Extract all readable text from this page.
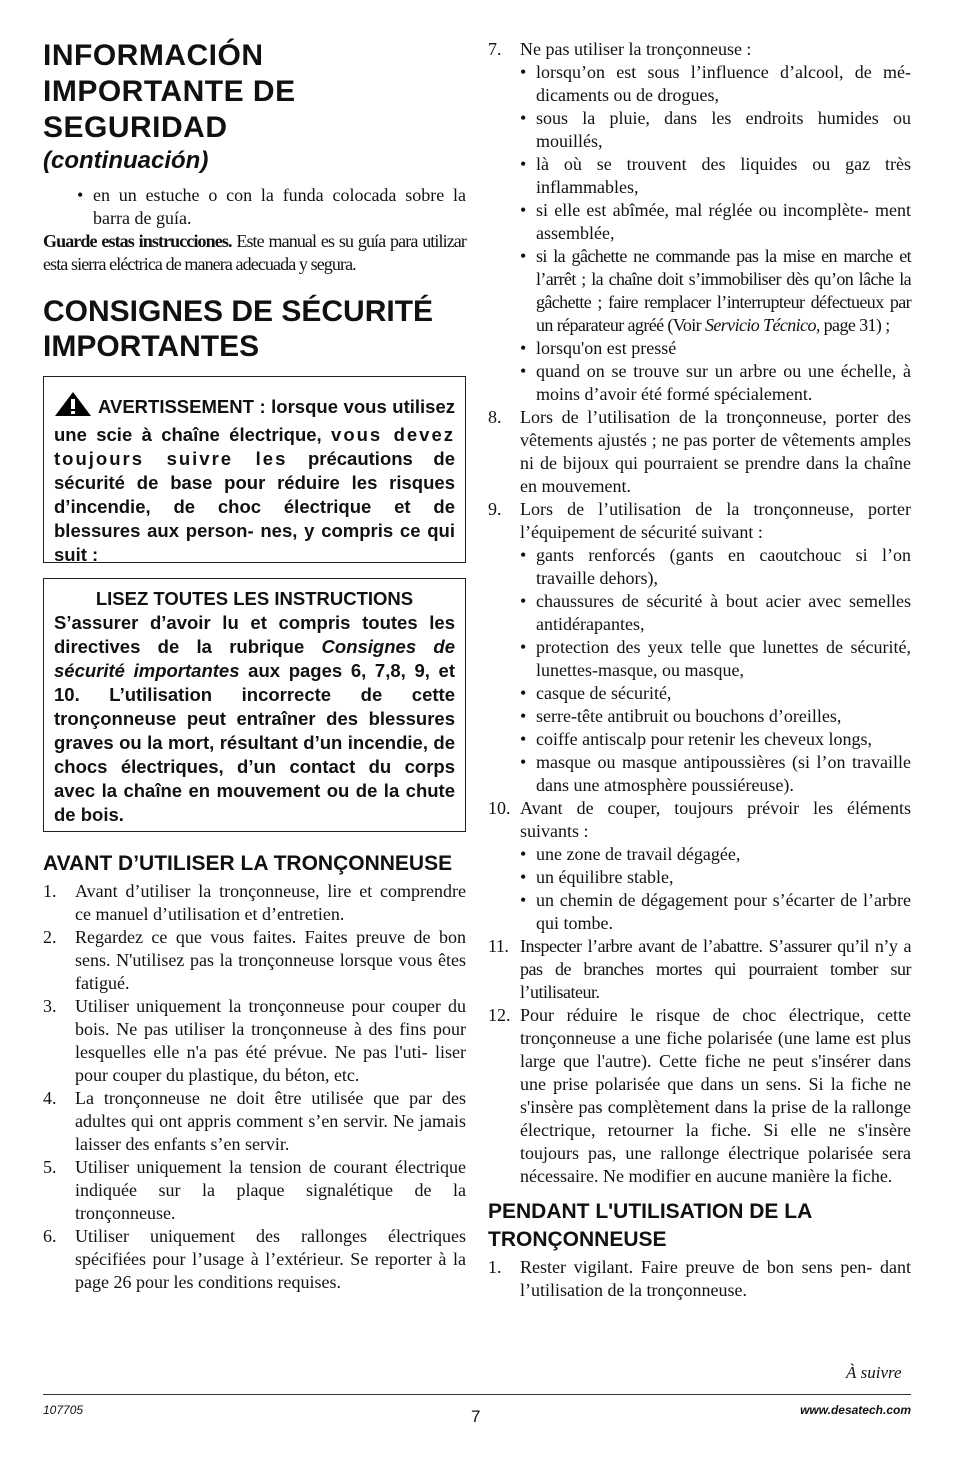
INFORMACIÓN
IMPORTANTE DE
SEGURIDAD
(continuación)
• en un estuche o con la funda colocada sobre la barra de guía.

Guarde estas instrucciones. Este manual es su guía para utilizar esta sierra eléctrica de manera adecuada y segura.

CONSIGNES DE SÉCURITÉ
IMPORTANTES
AVERTISSEMENT : lorsque vous utilisez une scie à chaîne électrique, vous devez toujours suivre les précautions de sécurité de base pour réduire les risques d’incendie, de choc électrique et de blessures aux person- nes, y compris ce qui suit :
LISEZ TOUTES LES INSTRUCTIONS
S’assurer d’avoir lu et compris toutes les directives de la rubrique Consignes de sécurité importantes aux pages 6, 7,8, 9, et 10. L’utilisation incorrecte de cette tronçonneuse peut entraîner des blessures graves ou la mort, résultant d’un incendie, de chocs électriques, d’un contact du corps avec la chaîne en mouvement ou de la chute de bois.
AVANT D’UTILISER LA TRONÇONNEUSE
1. Avant d’utiliser la tronçonneuse, lire et comprendre ce manuel d’utilisation et d’entretien.
2. Regardez ce que vous faites. Faites preuve de bon sens. N'utilisez pas la tronçonneuse lorsque vous êtes fatigué.
3. Utiliser uniquement la tronçonneuse pour couper du bois. Ne pas utiliser la tronçonneuse à des fins pour lesquelles elle n'a pas été prévue. Ne pas l'uti- liser pour couper du plastique, du béton, etc.
4. La tronçonneuse ne doit être utilisée que par des adultes qui ont appris comment s’en servir. Ne jamais laisser des enfants s’en servir.
5. Utiliser uniquement la tension de courant électrique indiquée sur la plaque signalétique de la tronçonneuse.
6. Utiliser uniquement des rallonges électriques spécifiées pour l’usage à l’extérieur. Se reporter à la page 26 pour les conditions requises.
7. Ne pas utiliser la tronçonneuse :
• lorsqu’on est sous l’influence d’alcool, de mé- dicaments ou de drogues,
• sous la pluie, dans les endroits humides ou mouillés,
• là où se trouvent des liquides ou gaz très inflammables,
• si elle est abîmée, mal réglée ou incomplète- ment assemblée,
• si la gâchette ne commande pas la mise en marche et l’arrêt ; la chaîne doit s’immobiliser dès qu’on lâche la gâchette ; faire remplacer l’interrupteur défectueux par un réparateur agréé (Voir Servicio Técnico, page 31) ;
• lorsqu'on est pressé
• quand on se trouve sur un arbre ou une échelle, à moins d’avoir été formé spécialement.
8. Lors de l’utilisation de la tronçonneuse, porter des vêtements ajustés ; ne pas porter de vêtements amples ni de bijoux qui pourraient se prendre dans la chaîne en mouvement.
9. Lors de l’utilisation de la tronçonneuse, porter l’équipement de sécurité suivant :
• gants renforcés (gants en caoutchouc si l’on travaille dehors),
• chaussures de sécurité à bout acier avec semelles antidérapantes,
• protection des yeux telle que lunettes de sécurité, lunettes-masque, ou masque,
• casque de sécurité,
• serre-tête antibruit ou bouchons d’oreilles,
• coiffe antiscalp pour retenir les cheveux longs,
• masque ou masque antipoussières (si l’on travaille dans une atmosphère poussiéreuse).
10. Avant de couper, toujours prévoir les éléments suivants :
• une zone de travail dégagée,
• un équilibre stable,
• un chemin de dégagement pour s’écarter de l’arbre qui tombe.
11. Inspecter l’arbre avant de l’abattre. S’assurer qu’il n’y a pas de branches mortes qui pourraient tomber sur l’utilisateur.
12. Pour réduire le risque de choc électrique, cette tronçonneuse a une fiche polarisée (une lame est plus large que l'autre). Cette fiche ne peut s'insérer dans une prise polarisée que dans un sens. Si la fiche ne s'insère pas complètement dans la prise de la rallonge électrique, retourner la fiche. Si elle ne s'insère toujours pas, une rallonge électrique polarisée sera nécessaire. Ne modifier en aucune manière la fiche.
PENDANT L'UTILISATION DE LA TRONÇONNEUSE
1. Rester vigilant. Faire preuve de bon sens pen- dant l’utilisation de la tronçonneuse.
À suivre
107705	7	www.desatech.com
